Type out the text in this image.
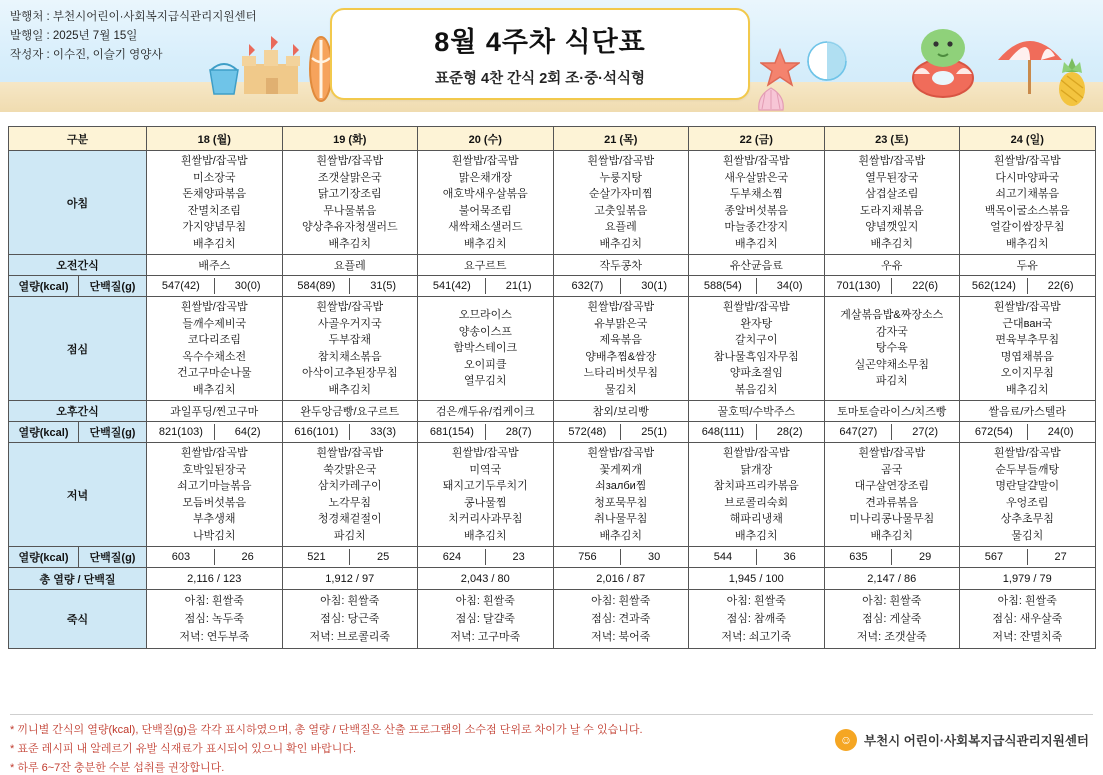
발행처 : 부천시어린이·사회복지급식관리지원센터
발행일 : 2025년 7월 15일
작성자 : 이수진, 이슬기 영양사	8월 4주차 식단표
표준형 4찬 간식 2회 조·중·석식형
구분		18 (월)	19 (화)	20 (수)	21 (목)	22 (금)	23 (토)	24 (일)
아침	흰쌀밥/잡곡밥
미소장국
돈채양파볶음
잔멸치조림
가지양념무침
배추김치	흰쌀밥/잡곡밥
조갯살맑은국
닭고기장조림
무나물볶음
양상추유자청샐러드
배추김치	흰쌀밥/잡곡밥
맑은채개장
애호박새우살볶음
불어묵조림
새싹채소샐러드
배추김치	흰쌀밥/잡곡밥
누룽지탕
순살가자미찜
고춧잎볶음
요플레
배추김치	흰쌀밥/잡곡밥
새우살맑은국
두부채소찜
종알버섯볶음
마늘종간장지
배추김치	흰쌀밥/잡곡밥
열무된장국
삼겹살조림
도라지채볶음
양념깻잎지
배추김치	흰쌀밥/잡곡밥
다시마양파국
쇠고기채볶음
백목이굴소스볶음
얼갈이쌈장무침
배추김치
오전간식		배주스	요플레	요구르트	작두콩차	유산균음료	우유	두유
열량(kcal)	단백질(g)	547(42) 30(0)	584(89) 31(5)	541(42) 21(1)	632(7) 30(1)	588(54) 34(0)	701(130) 22(6)	562(124) 22(6)

점심	흰쌀밥/잡곡밥
들깨수제비국
코다리조림
옥수수채소전
건고구마순나물
배추김치	흰쌀밥/잡곡밥
사골우거지국
두부잡채
참치채소볶음
아삭이고추된장무침
배추김치	오므라이스
양송이스프
함박스테이크
오이피클
열무김치	흰쌀밥/잡곡밥
유부맑은국
제육볶음
양배추찜&쌈장
느타리버섯무침
물김치	흰쌀밥/잡곡밥
완자탕
갈치구이
참나물흑임자무침
양파초절임
볶음김치	게살볶음밥&짜장소스
감자국
탕수육
실곤약채소무침
파김치	흰쌀밥/잡곡밥
근대ван국
편육부추무침
명엽채볶음
오이지무침
배추김치
오후간식		과일푸딩/찐고구마	완두앙금빵/요구르트	검은깨두유/컵케이크	참외/보리빵	꿀호떡/수박주스	토마토슬라이스/치즈빵	쌀음료/카스텔라
열량(kcal)	단백질(g)	821(103) 64(2)	616(101) 33(3)	681(154) 28(7)	572(48) 25(1)	648(111) 28(2)	647(27) 27(2)	672(54) 24(0)

저녁	흰쌀밥/잡곡밥
호박잎된장국
쇠고기마늘볶음
모듬버섯볶음
부추생채
나박김치	흰쌀밥/잡곡밥
쑥갓맑은국
삼치카레구이
노각무침
청경채겉절이
파김치	흰쌀밥/잡곡밥
미역국
돼지고기두루치기
콩나물찜
치커리사과무침
배추김치	흰쌀밥/잡곡밥
꽃게찌개
쇠залби찜
청포묵무침
취나물무침
배추김치	흰쌀밥/잡곡밥
닭개장
참치파프리카볶음
브로콜리숙회
해파리냉채
배추김치	흰쌀밥/잡곡밥
곰국
대구살연장조림
견과류볶음
미나리콩나물무침
배추김치	흰쌀밥/잡곡밥
순두부들깨탕
명란달걀말이
우엉조림
상추초무침
물김치
열량(kcal)	단백질(g)	603 26	521 25	624 23	756 30	544 36	635 29	567 27

총 열량 / 단백질		2,116 / 123	1,912 / 97	2,043 / 80	2,016 / 87	1,945 / 100	2,147 / 86	1,979 / 79
죽식		아침: 흰쌀죽
점심: 녹두죽
저녁: 연두부죽	아침: 흰쌀죽
점심: 당근죽
저녁: 브로콜리죽	아침: 흰쌀죽
점심: 달걀죽
저녁: 고구마죽	아침: 흰쌀죽
점심: 견과죽
저녁: 북어죽	아침: 흰쌀죽
점심: 참깨죽
저녁: 쇠고기죽	아침: 흰쌀죽
점심: 게살죽
저녁: 조갯살죽	아침: 흰쌀죽
점심: 새우살죽
저녁: 잔멸치죽
* 끼니별 간식의 열량(kcal), 단백질(g)을 각각 표시하였으며, 총 열량 / 단백질은 산출 프로그램의 소수점 단위로 차이가 날 수 있습니다.
* 표준 레시피 내 알레르기 유발 식재료가 표시되어 있으니 확인 바랍니다.
* 하루 6~7잔 충분한 수분 섭취를 권장합니다.
☺ 부천시 어린이·사회복지급식관리지원센터
